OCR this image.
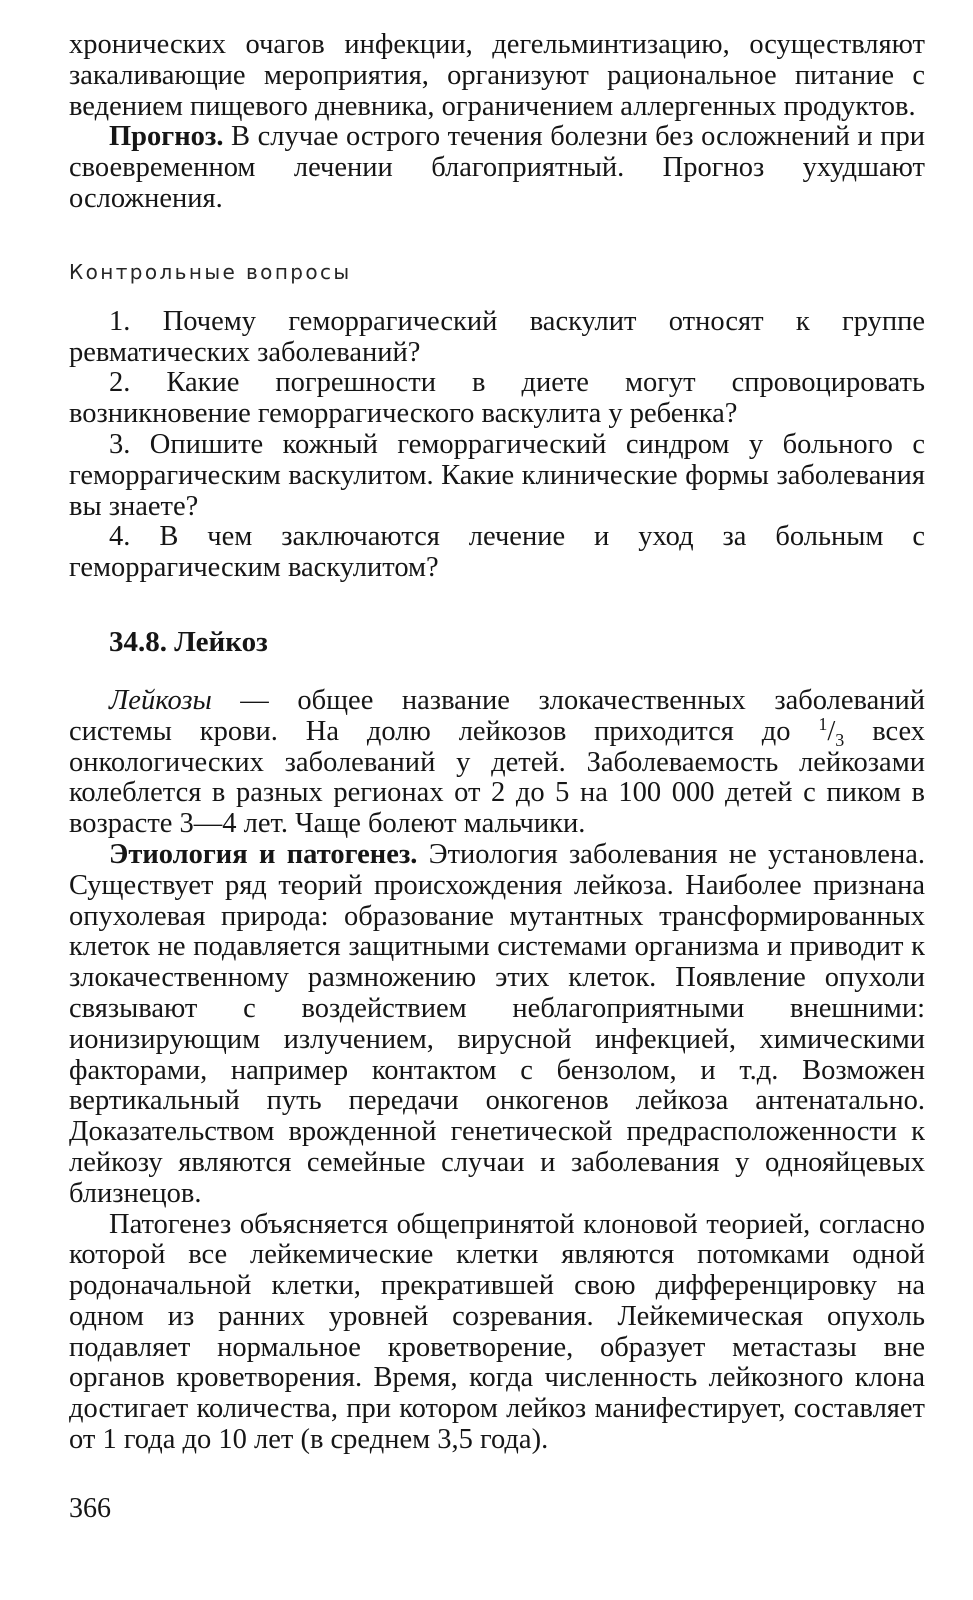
хронических очагов инфекции, дегельминтизацию, осуществляют закаливающие мероприятия, организуют рациональное питание с ведением пищевого дневника, ограничением аллергенных продуктов.

Прогноз. В случае острого течения болезни без осложнений и при своевременном лечении благоприятный. Прогноз ухудшают осложнения.

Контрольные вопросы

1. Почему геморрагический васкулит относят к группе ревматических заболеваний?

2. Какие погрешности в диете могут спровоцировать возникновение геморрагического васкулита у ребенка?

3. Опишите кожный геморрагический синдром у больного с геморрагическим васкулитом. Какие клинические формы заболевания вы знаете?

4. В чем заключаются лечение и уход за больным с геморрагическим васкулитом?

34.8. Лейкоз

Лейкозы — общее название злокачественных заболеваний системы крови. На долю лейкозов приходится до $^1/_3$ всех онкологических заболеваний у детей. Заболеваемость лейкозами колеблется в разных регионах от 2 до 5 на 100 000 детей с пиком в возрасте 3—4 лет. Чаще болеют мальчики.

Этиология и патогенез. Этиология заболевания не установлена. Существует ряд теорий происхождения лейкоза. Наиболее признана опухолевая природа: образование мутантных трансформированных клеток не подавляется защитными системами организма и приводит к злокачественному размножению этих клеток. Появление опухоли связывают с воздействием неблагоприятными внешними: ионизирующим излучением, вирусной инфекцией, химическими факторами, например контактом с бензолом, и т.д. Возможен вертикальный путь передачи онкогенов лейкоза антенатально. Доказательством врожденной генетической предрасположенности к лейкозу являются семейные случаи и заболевания у однояйцевых близнецов.

Патогенез объясняется общепринятой клоновой теорией, согласно которой все лейкемические клетки являются потомками одной родоначальной клетки, прекратившей свою дифференцировку на одном из ранних уровней созревания. Лейкемическая опухоль подавляет нормальное кроветворение, образует метастазы вне органов кроветворения. Время, когда численность лейкозного клона достигает количества, при котором лейкоз манифестирует, составляет от 1 года до 10 лет (в среднем 3,5 года).

366
